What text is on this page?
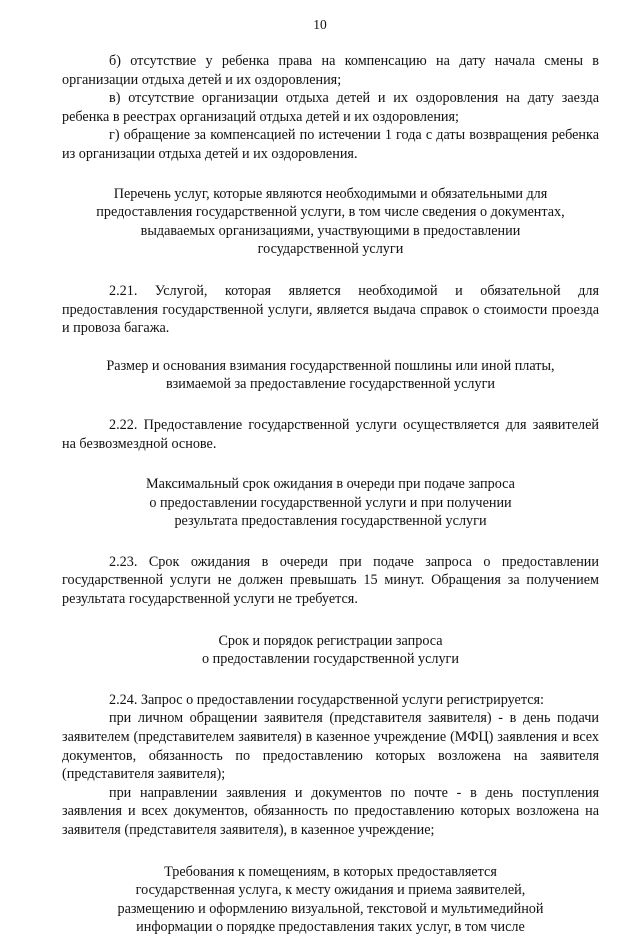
10

б) отсутствие у ребенка права на компенсацию на дату начала смены в организации отдыха детей и их оздоровления;

в) отсутствие организации отдыха детей и их оздоровления на дату заезда ребенка в реестрах организаций отдыха детей и их оздоровления;

г) обращение за компенсацией по истечении 1 года с даты возвращения ребенка из организации отдыха детей и их оздоровления.

Перечень услуг, которые являются необходимыми и обязательными для
предоставления государственной услуги, в том числе сведения о документах,
выдаваемых организациями, участвующими в предоставлении
государственной услуги

2.21. Услугой, которая является необходимой и обязательной для предоставления государственной услуги, является выдача справок о стоимости проезда и провоза багажа.

Размер и основания взимания государственной пошлины или иной платы,
взимаемой за предоставление государственной услуги

2.22. Предоставление государственной услуги осуществляется для заявителей на безвозмездной основе.

Максимальный срок ожидания в очереди при подаче запроса
о предоставлении государственной услуги и при получении
результата предоставления государственной услуги

2.23. Срок ожидания в очереди при подаче запроса о предоставлении государственной услуги не должен превышать 15 минут. Обращения за получением результата государственной услуги не требуется.

Срок и порядок регистрации запроса
о предоставлении государственной услуги

2.24. Запрос о предоставлении государственной услуги регистрируется:

при личном обращении заявителя (представителя заявителя) - в день подачи заявителем (представителем заявителя) в казенное учреждение (МФЦ) заявления и всех документов, обязанность по предоставлению которых возложена на заявителя (представителя заявителя);

при направлении заявления и документов по почте - в день поступления заявления и всех документов, обязанность по предоставлению которых возложена на заявителя (представителя заявителя), в казенное учреждение;

Требования к помещениям, в которых предоставляется
государственная услуга, к месту ожидания и приема заявителей,
размещению и оформлению визуальной, текстовой и мультимедийной
информации о порядке предоставления таких услуг, в том числе
